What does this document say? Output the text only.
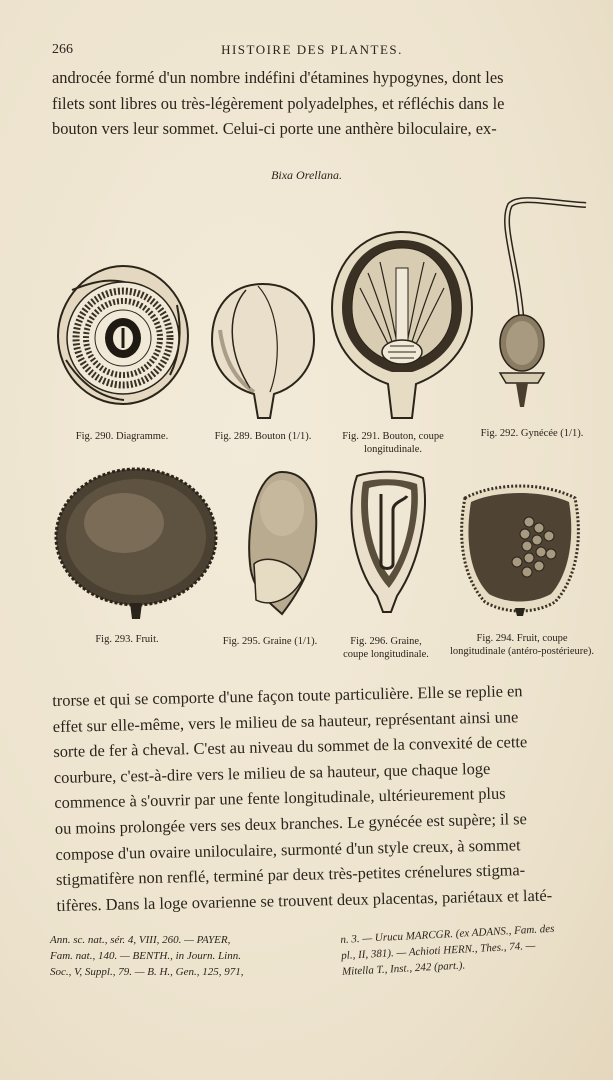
266	HISTOIRE DES PLANTES.

androcée formé d'un nombre indéfini d'étamines hypogynes, dont les

filets sont libres ou très-légèrement polyadelphes, et réfléchis dans le

bouton vers leur sommet. Celui-ci porte une anthère biloculaire, ex-

Bixa Orellana.
Fig. 290. Diagramme.	Fig. 289. Bouton (1/1).	Fig. 291. Bouton, coupe
longitudinale.
Fig. 292. Gynécée (1/1).
Fig. 293. Fruit.	Fig. 295. Graine (1/1).	Fig. 296. Graine,
coupe longitudinale.
Fig. 294. Fruit, coupe
longitudinale (antéro-postérieure).

trorse et qui se comporte d'une façon toute particulière. Elle se replie en

effet sur elle-même, vers le milieu de sa hauteur, représentant ainsi une

sorte de fer à cheval. C'est au niveau du sommet de la convexité de cette

courbure, c'est-à-dire vers le milieu de sa hauteur, que chaque loge

commence à s'ouvrir par une fente longitudinale, ultérieurement plus

ou moins prolongée vers ses deux branches. Le gynécée est supère; il se

compose d'un ovaire uniloculaire, surmonté d'un style creux, à sommet

stigmatifère non renflé, terminé par deux très-petites crénelures stigma-

tifères. Dans la loge ovarienne se trouvent deux placentas, pariétaux et laté-

Ann. sc. nat., sér. 4, VIII, 260. — PAYER,

Fam. nat., 140. — BENTH., in Journ. Linn.

Soc., V, Suppl., 79. — B. H., Gen., 125, 971,

n. 3. — Urucu MARCGR. (ex ADANS., Fam. des

pl., II, 381). — Achioti HERN., Thes., 74. —

Mitella T., Inst., 242 (part.).
